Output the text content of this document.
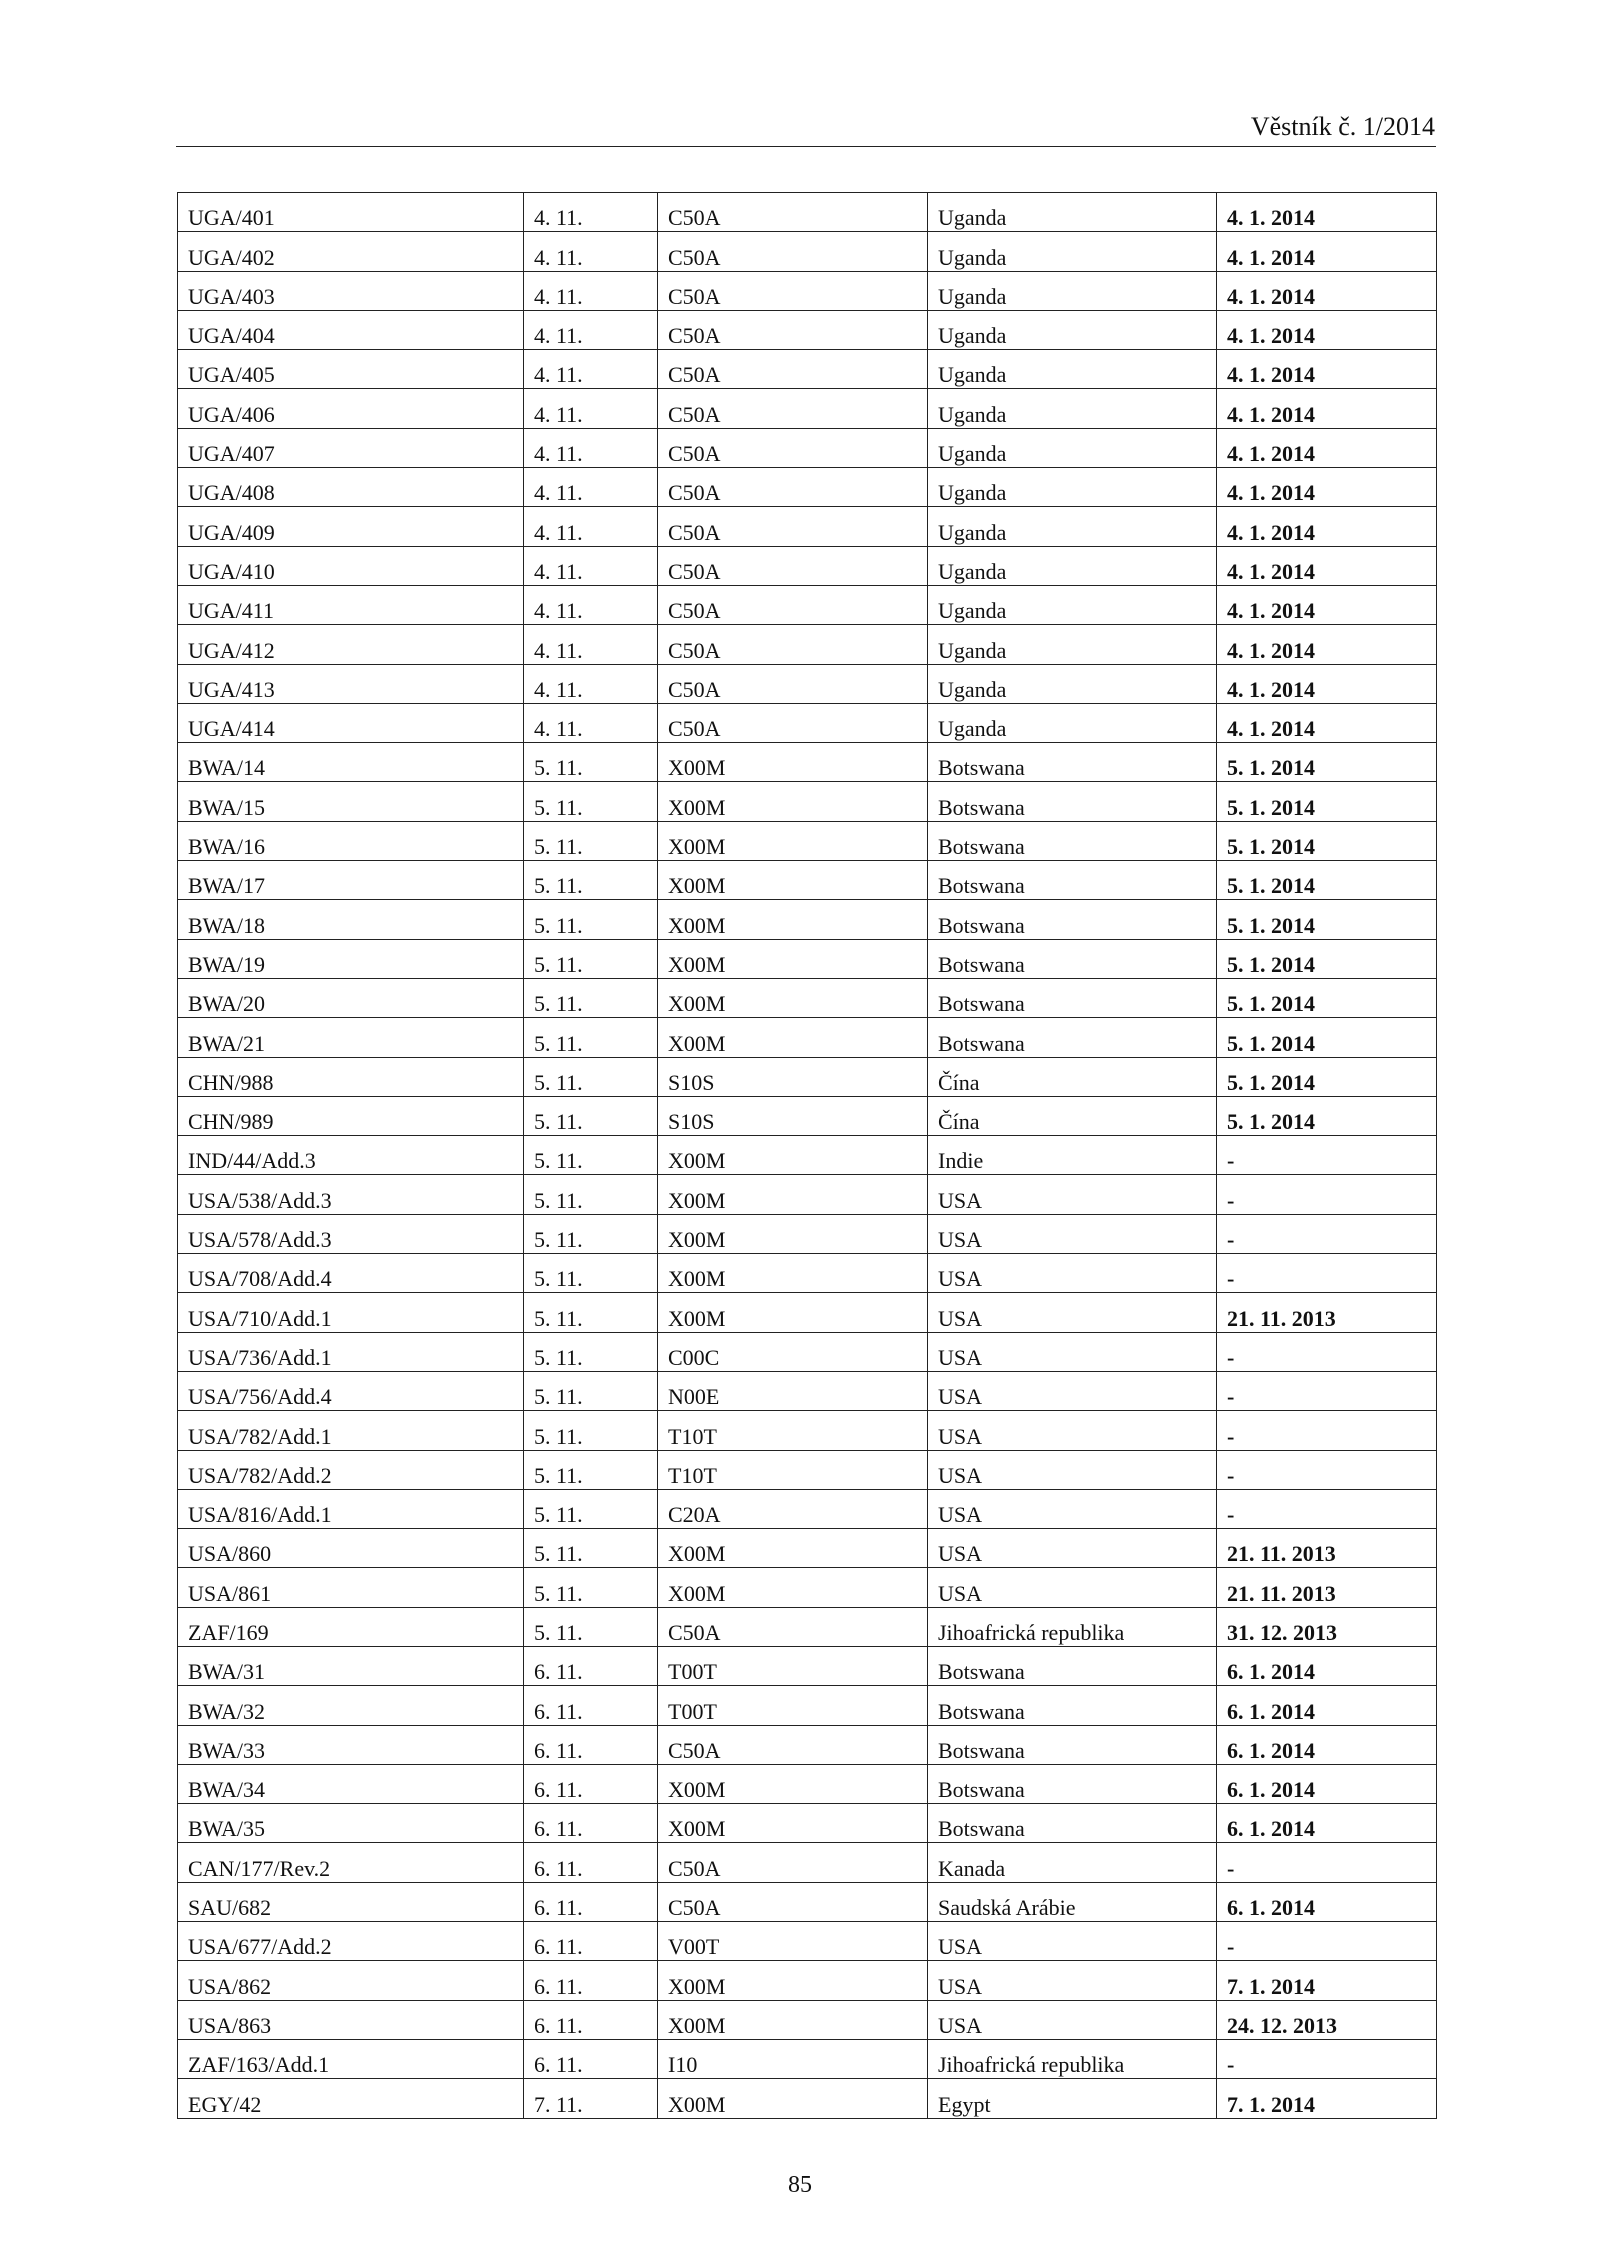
Věstník č. 1/2014
UGA/401	4. 11.	C50A	Uganda	4. 1. 2014
UGA/402	4. 11.	C50A	Uganda	4. 1. 2014
UGA/403	4. 11.	C50A	Uganda	4. 1. 2014
UGA/404	4. 11.	C50A	Uganda	4. 1. 2014
UGA/405	4. 11.	C50A	Uganda	4. 1. 2014
UGA/406	4. 11.	C50A	Uganda	4. 1. 2014
UGA/407	4. 11.	C50A	Uganda	4. 1. 2014
UGA/408	4. 11.	C50A	Uganda	4. 1. 2014
UGA/409	4. 11.	C50A	Uganda	4. 1. 2014
UGA/410	4. 11.	C50A	Uganda	4. 1. 2014
UGA/411	4. 11.	C50A	Uganda	4. 1. 2014
UGA/412	4. 11.	C50A	Uganda	4. 1. 2014
UGA/413	4. 11.	C50A	Uganda	4. 1. 2014
UGA/414	4. 11.	C50A	Uganda	4. 1. 2014
BWA/14	5. 11.	X00M	Botswana	5. 1. 2014
BWA/15	5. 11.	X00M	Botswana	5. 1. 2014
BWA/16	5. 11.	X00M	Botswana	5. 1. 2014
BWA/17	5. 11.	X00M	Botswana	5. 1. 2014
BWA/18	5. 11.	X00M	Botswana	5. 1. 2014
BWA/19	5. 11.	X00M	Botswana	5. 1. 2014
BWA/20	5. 11.	X00M	Botswana	5. 1. 2014
BWA/21	5. 11.	X00M	Botswana	5. 1. 2014
CHN/988	5. 11.	S10S	Čína	5. 1. 2014
CHN/989	5. 11.	S10S	Čína	5. 1. 2014
IND/44/Add.3	5. 11.	X00M	Indie	-
USA/538/Add.3	5. 11.	X00M	USA	-
USA/578/Add.3	5. 11.	X00M	USA	-
USA/708/Add.4	5. 11.	X00M	USA	-
USA/710/Add.1	5. 11.	X00M	USA	21. 11. 2013
USA/736/Add.1	5. 11.	C00C	USA	-
USA/756/Add.4	5. 11.	N00E	USA	-
USA/782/Add.1	5. 11.	T10T	USA	-
USA/782/Add.2	5. 11.	T10T	USA	-
USA/816/Add.1	5. 11.	C20A	USA	-
USA/860	5. 11.	X00M	USA	21. 11. 2013
USA/861	5. 11.	X00M	USA	21. 11. 2013
ZAF/169	5. 11.	C50A	Jihoafrická republika	31. 12. 2013
BWA/31	6. 11.	T00T	Botswana	6. 1. 2014
BWA/32	6. 11.	T00T	Botswana	6. 1. 2014
BWA/33	6. 11.	C50A	Botswana	6. 1. 2014
BWA/34	6. 11.	X00M	Botswana	6. 1. 2014
BWA/35	6. 11.	X00M	Botswana	6. 1. 2014
CAN/177/Rev.2	6. 11.	C50A	Kanada	-
SAU/682	6. 11.	C50A	Saudská Arábie	6. 1. 2014
USA/677/Add.2	6. 11.	V00T	USA	-
USA/862	6. 11.	X00M	USA	7. 1. 2014
USA/863	6. 11.	X00M	USA	24. 12. 2013
ZAF/163/Add.1	6. 11.	I10	Jihoafrická republika	-
EGY/42	7. 11.	X00M	Egypt	7. 1. 2014
85
